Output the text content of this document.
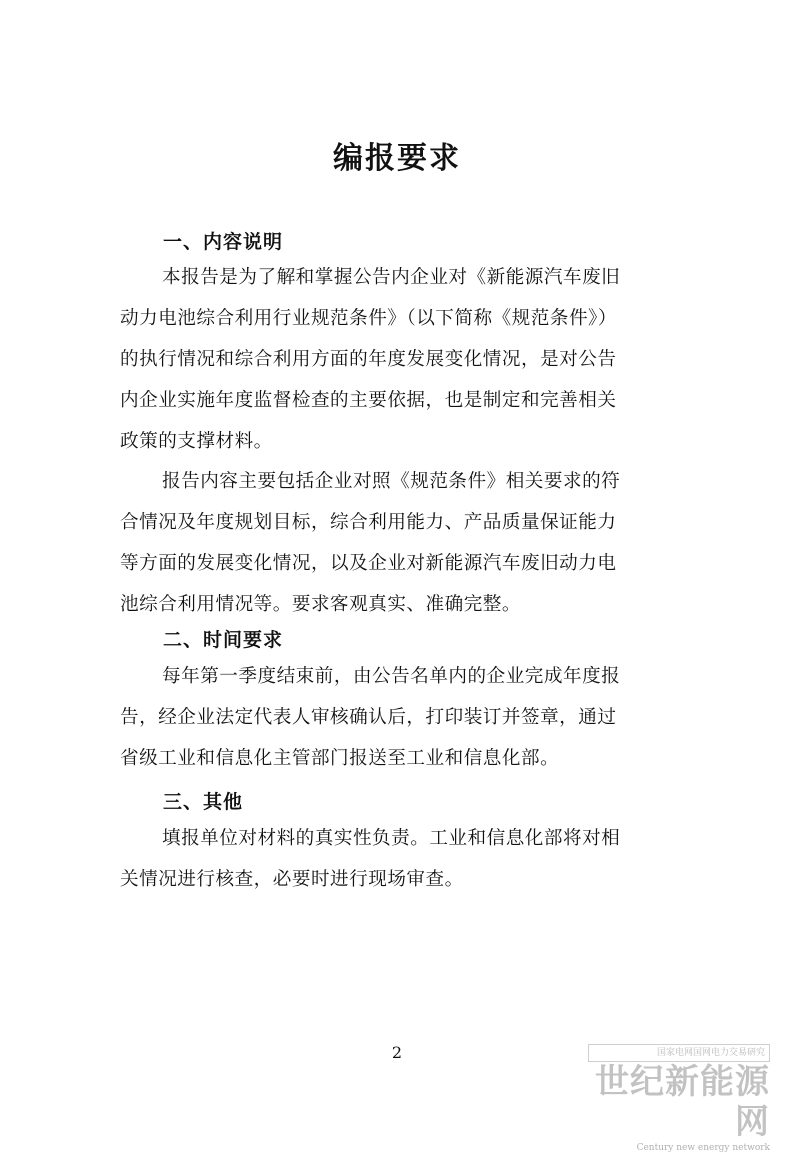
编报要求
一、内容说明

本报告是为了解和掌握公告内企业对《新能源汽车废旧
动力电池综合利用行业规范条件》（以下简称《规范条件》）
的执行情况和综合利用方面的年度发展变化情况，是对公告
内企业实施年度监督检查的主要依据，也是制定和完善相关
政策的支撑材料。

报告内容主要包括企业对照《规范条件》相关要求的符
合情况及年度规划目标，综合利用能力、产品质量保证能力
等方面的发展变化情况，以及企业对新能源汽车废旧动力电
池综合利用情况等。要求客观真实、准确完整。

二、时间要求

每年第一季度结束前，由公告名单内的企业完成年度报
告，经企业法定代表人审核确认后，打印装订并签章，通过
省级工业和信息化主管部门报送至工业和信息化部。

三、其他

填报单位对材料的真实性负责。工业和信息化部将对相
关情况进行核查，必要时进行现场审查。

2	国家电网国网电力交易研究
世纪新能源网
Century new energy network
